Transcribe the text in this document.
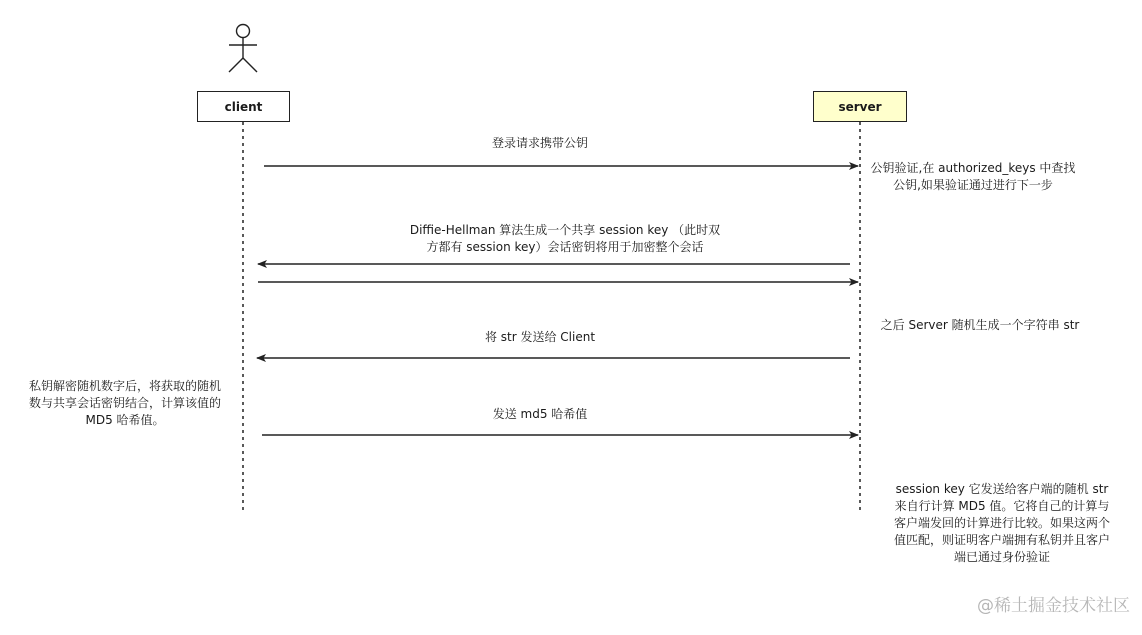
client	server
登录请求携带公钥
Diffie-Hellman 算法生成一个共享 session key （此时双
方都有 session key）会话密钥将用于加密整个会话
将 str 发送给 Client
发送 md5 哈希值
公钥验证,在 authorized_keys 中查找
公钥,如果验证通过进行下一步
之后 Server 随机生成一个字符串 str
私钥解密随机数字后，将获取的随机
数与共享会话密钥结合，计算该值的
MD5 哈希值。
session key 它发送给客户端的随机 str
来自行计算 MD5 值。它将自己的计算与
客户端发回的计算进行比较。如果这两个
值匹配，则证明客户端拥有私钥并且客户
端已通过身份验证
@稀土掘金技术社区
